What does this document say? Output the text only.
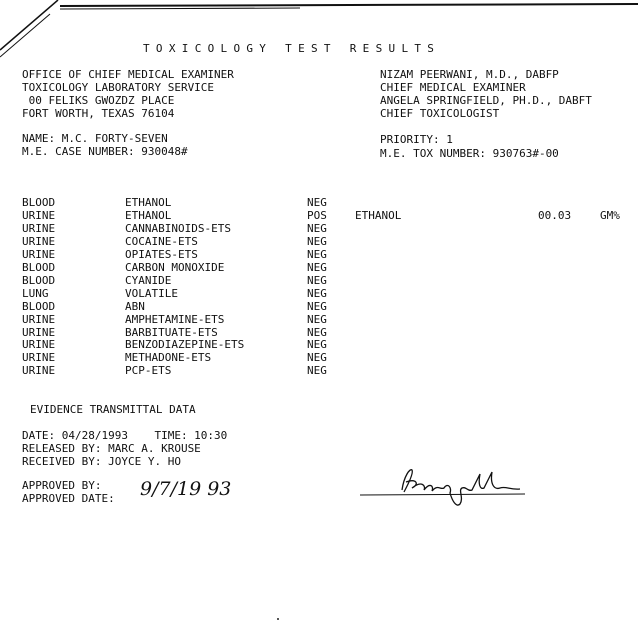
TOXICOLOGY TEST RESULTS
OFFICE OF CHIEF MEDICAL EXAMINER
TOXICOLOGY LABORATORY SERVICE
00 FELIKS GWOZDZ PLACE
FORT WORTH, TEXAS 76104
NIZAM PEERWANI, M.D., DABFP
CHIEF MEDICAL EXAMINER
ANGELA SPRINGFIELD, PH.D., DABFT
CHIEF TOXICOLOGIST
NAME: M.C. FORTY-SEVEN
M.E. CASE NUMBER: 930048#
PRIORITY: 1
M.E. TOX NUMBER: 930763#-00
BLOOD	ETHANOL	NEG
URINE	ETHANOL	POS	ETHANOL	00.03	GM%
URINE	CANNABINOIDS-ETS	NEG
URINE	COCAINE-ETS	NEG
URINE	OPIATES-ETS	NEG
BLOOD	CARBON MONOXIDE	NEG
BLOOD	CYANIDE	NEG
LUNG	VOLATILE	NEG
BLOOD	ABN	NEG
URINE	AMPHETAMINE-ETS	NEG
URINE	BARBITUATE-ETS	NEG
URINE	BENZODIAZEPINE-ETS	NEG
URINE	METHADONE-ETS	NEG
URINE	PCP-ETS	NEG
EVIDENCE TRANSMITTAL DATA
DATE: 04/28/1993    TIME: 10:30
RELEASED BY: MARC A. KROUSE
RECEIVED BY: JOYCE Y. HO
APPROVED BY:
APPROVED DATE: 9/7/19 93
